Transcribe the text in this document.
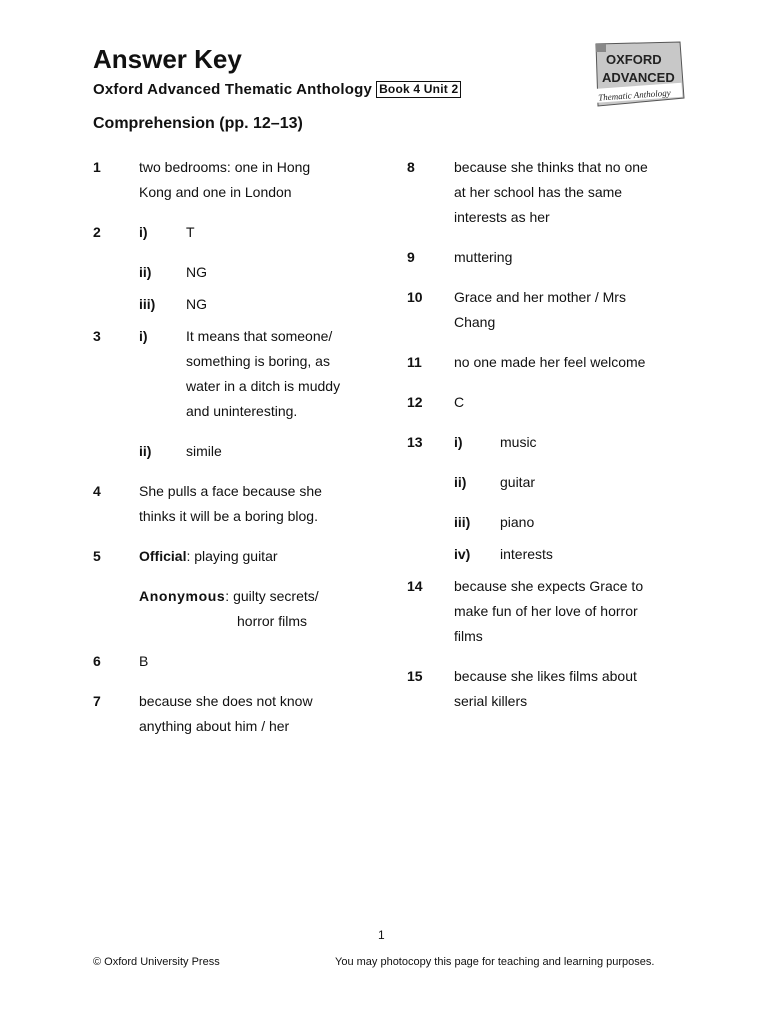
Answer Key
Oxford Advanced Thematic Anthology Book 4 Unit 2
OXFORD
ADVANCED
Thematic Anthology
Comprehension (pp. 12–13)
1	two bedrooms: one in Hong
Kong and one in London
2	i)	T
ii) NG
iii) NG
3	i)	It means that someone/
something is boring, as
water in a ditch is muddy
and uninteresting.
ii) simile
4	She pulls a face because she
thinks it will be a boring blog.
5	Official: playing guitar
Anonymous: guilty secrets/
horror films
6	B
7	because she does not know
anything about him / her
8	because she thinks that no one
at her school has the same
interests as her
9	muttering
10 Grace and her mother / Mrs
Chang
11 no one made her feel welcome
12 C
13 i)	music
ii) guitar
iii) piano
iv) interests
14 because she expects Grace to
make fun of her love of horror
films
15 because she likes films about
serial killers
1
© Oxford University Press	You may photocopy this page for teaching and learning purposes.
